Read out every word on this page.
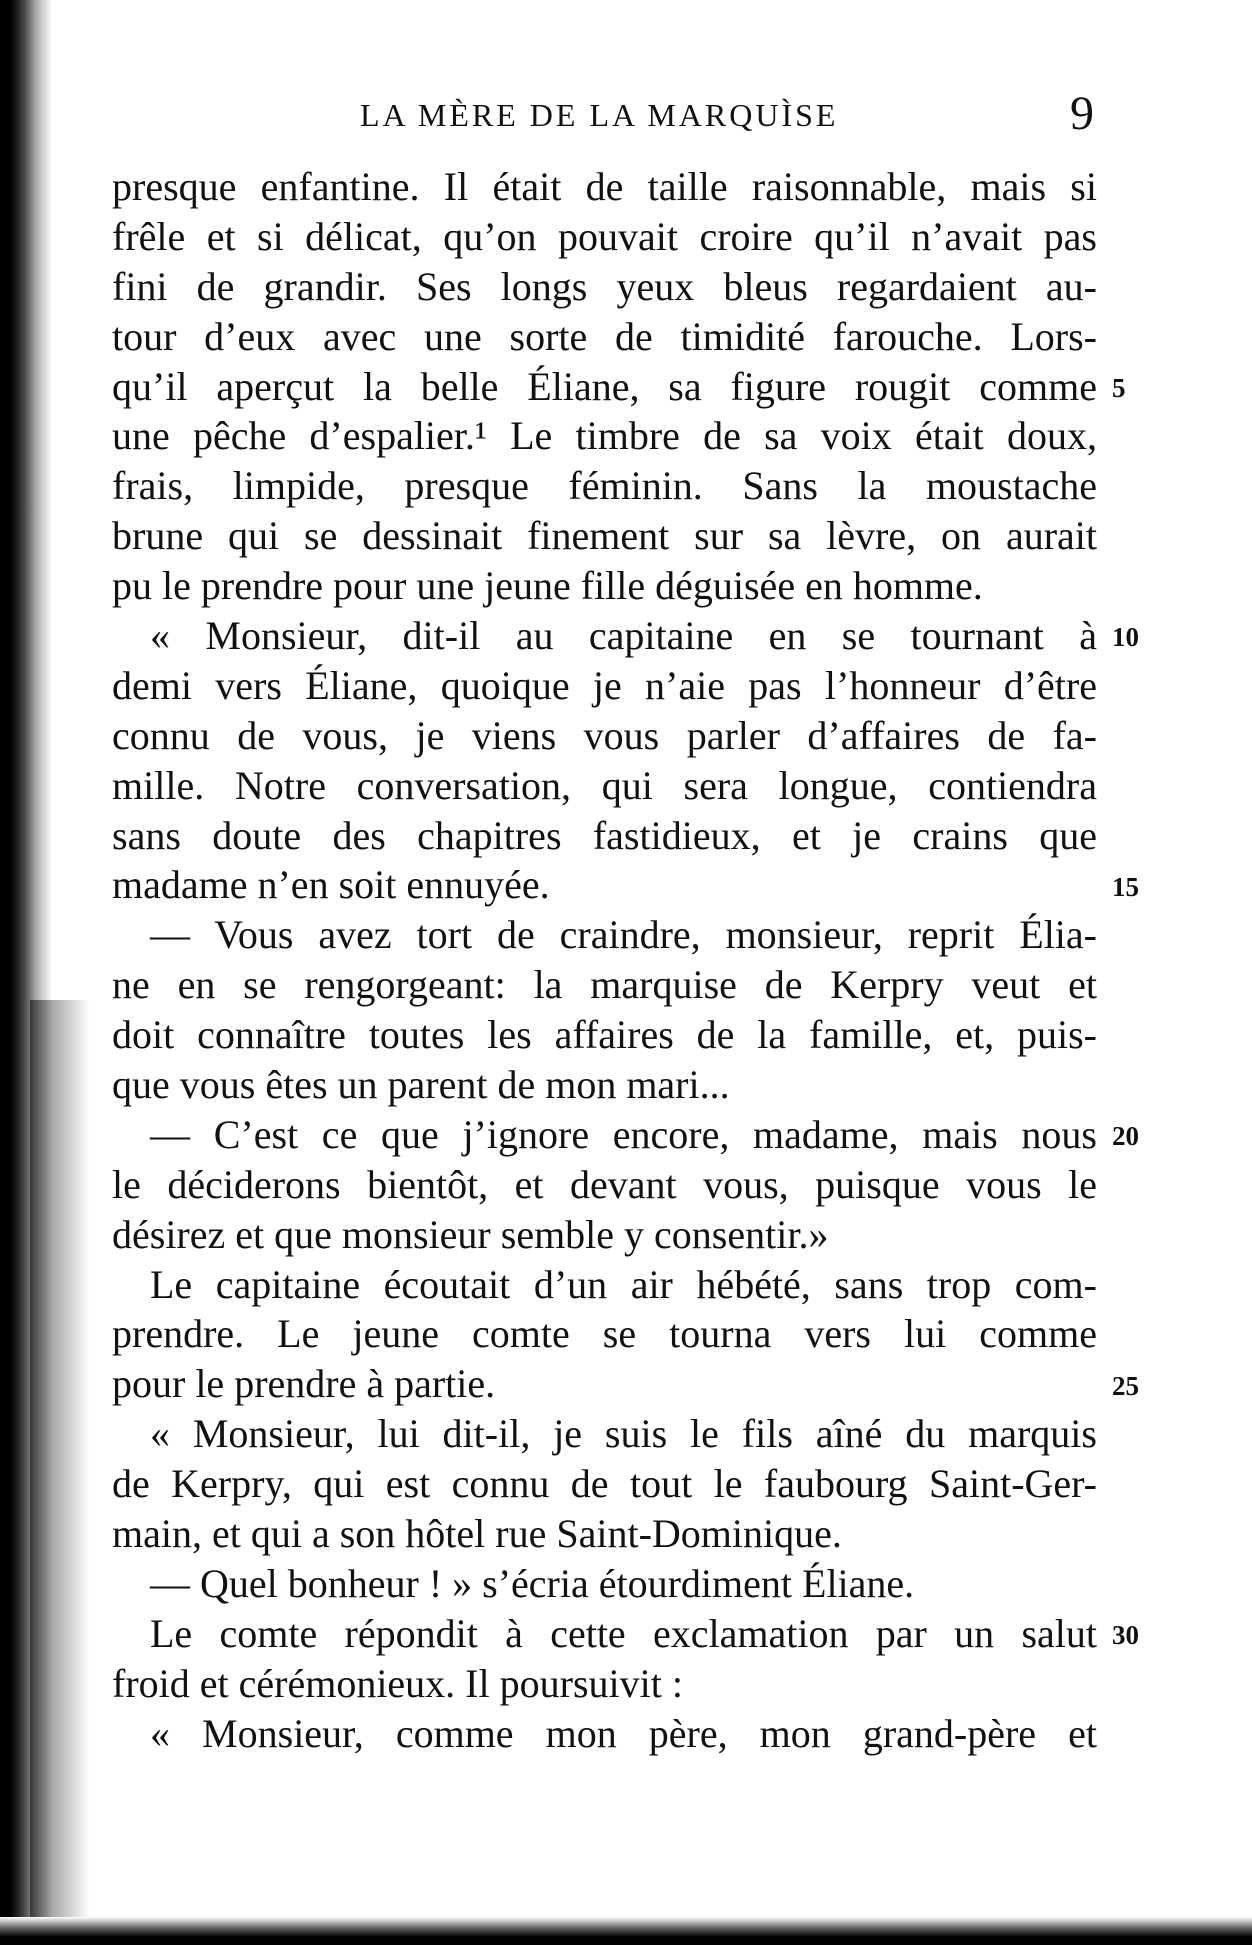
LA MÈRE DE LA MARQUÌSE	9
presque enfantine. Il était de taille raisonnable, mais si
frêle et si délicat, qu’on pouvait croire qu’il n’avait pas
fini de grandir. Ses longs yeux bleus regardaient au-
tour d’eux avec une sorte de timidité farouche. Lors-
qu’il aperçut la belle Éliane, sa figure rougit comme
une pêche d’espalier.¹ Le timbre de sa voix était doux,
frais, limpide, presque féminin. Sans la moustache
brune qui se dessinait finement sur sa lèvre, on aurait
pu le prendre pour une jeune fille déguisée en homme.
« Monsieur, dit-il au capitaine en se tournant à
demi vers Éliane, quoique je n’aie pas l’honneur d’être
connu de vous, je viens vous parler d’affaires de fa-
mille. Notre conversation, qui sera longue, contiendra
sans doute des chapitres fastidieux, et je crains que
madame n’en soit ennuyée.
— Vous avez tort de craindre, monsieur, reprit Élia-
ne en se rengorgeant: la marquise de Kerpry veut et
doit connaître toutes les affaires de la famille, et, puis-
que vous êtes un parent de mon mari...
— C’est ce que j’ignore encore, madame, mais nous
le déciderons bientôt, et devant vous, puisque vous le
désirez et que monsieur semble y consentir.»
Le capitaine écoutait d’un air hébété, sans trop com-
prendre. Le jeune comte se tourna vers lui comme
pour le prendre à partie.
« Monsieur, lui dit-il, je suis le fils aîné du marquis
de Kerpry, qui est connu de tout le faubourg Saint-Ger-
main, et qui a son hôtel rue Saint-Dominique.
— Quel bonheur ! » s’écria étourdiment Éliane.
Le comte répondit à cette exclamation par un salut
froid et cérémonieux. Il poursuivit :
« Monsieur, comme mon père, mon grand-père et
5
10
15
20
25
30
